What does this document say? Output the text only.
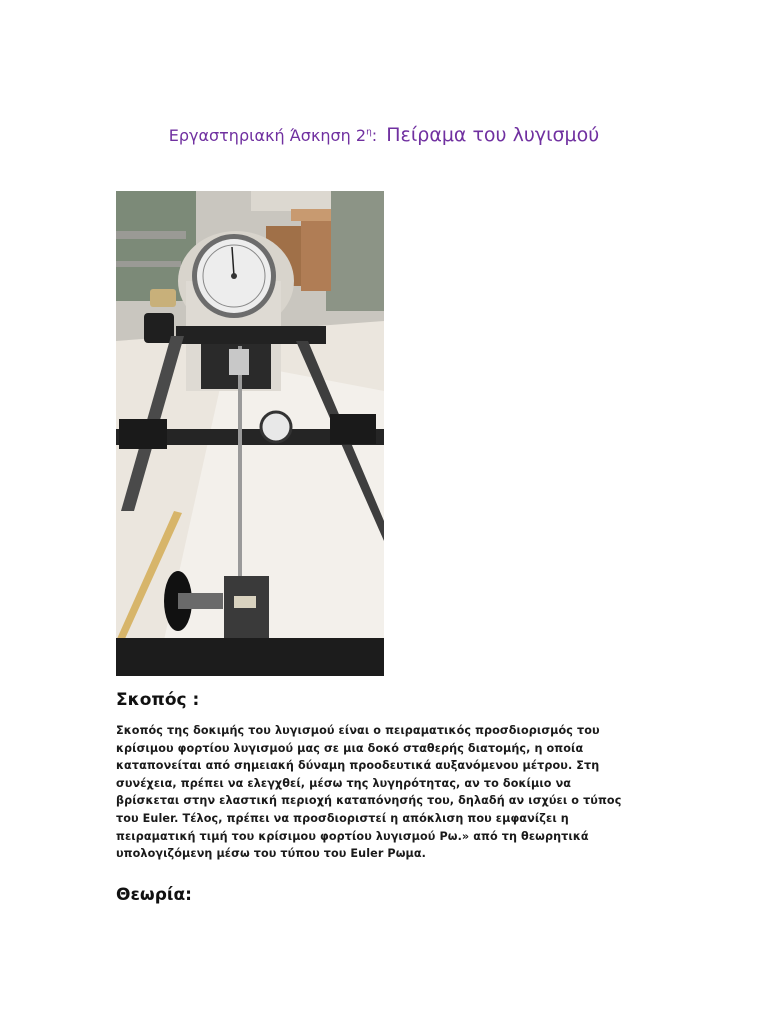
Εργαστηριακή Άσκηση $2^\eta$: Πείραμα του λυγισμού
Σκοπός :
Σκοπός της δοκιμής του λυγισμού είναι ο πειραματικός προσδιορισμός του κρίσιμου φορτίου λυγισμού μας σε μια δοκό σταθερής διατομής, η οποία καταπονείται από σημειακή δύναμη προοδευτικά αυξανόμενου μέτρου. Στη συνέχεια, πρέπει να ελεγχθεί, μέσω της λυγηρότητας, αν το δοκίμιο να βρίσκεται στην ελαστική περιοχή καταπόνησής του, δηλαδή αν ισχύει ο τύπος του Euler. Τέλος, πρέπει να προσδιοριστεί η απόκλιση που εμφανίζει η πειραματική τιμή του κρίσιμου φορτίου λυγισμού Ρω.» από τη θεωρητικά υπολογιζόμενη μέσω του τύπου του Euler Ρωμα.
Θεωρία:
